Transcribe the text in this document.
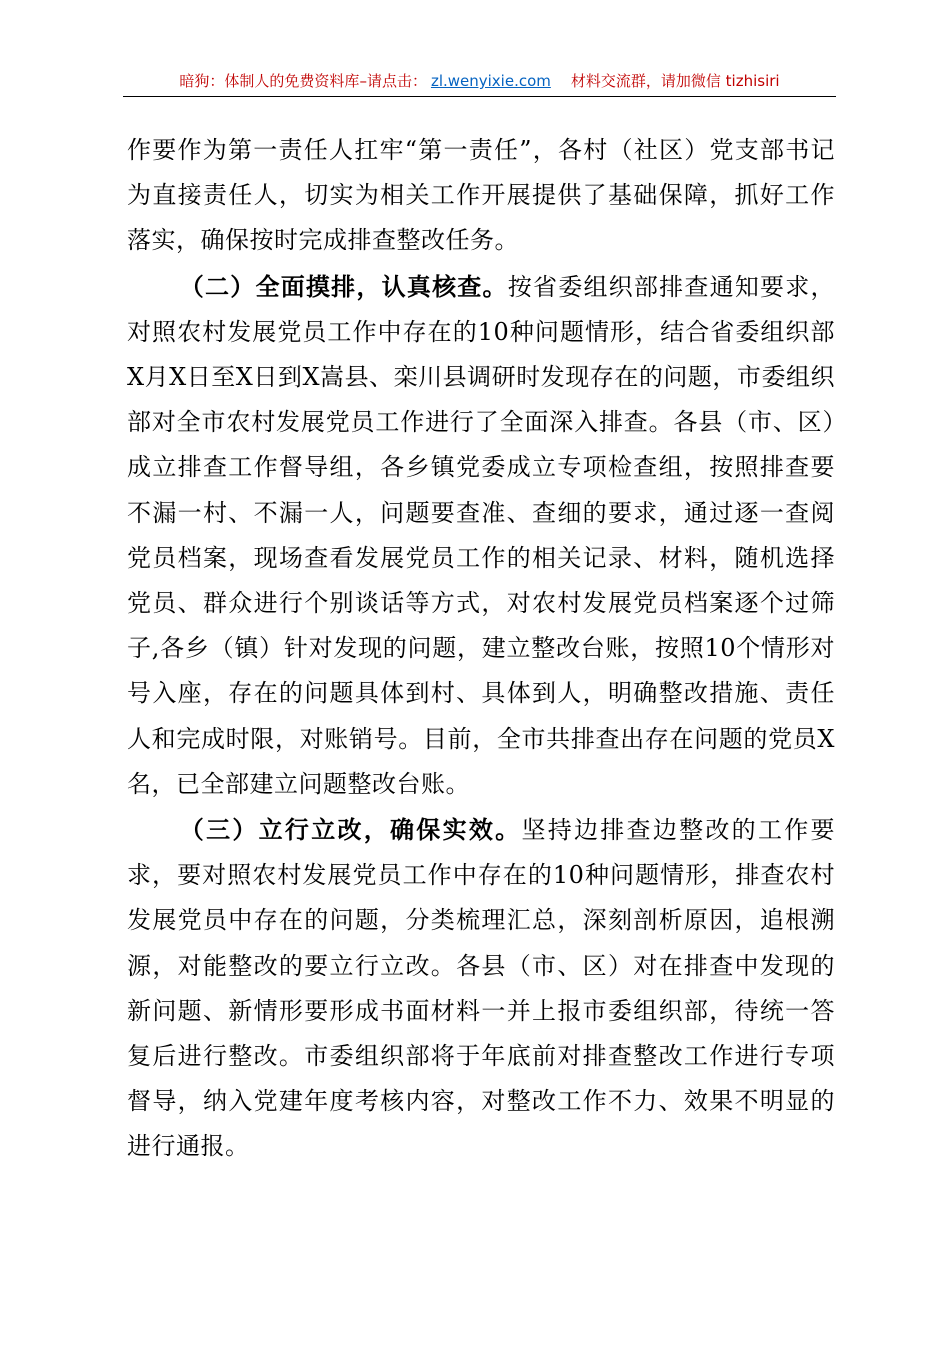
暗狗：体制人的免费资料库–请点击： zl.wenyixie.com 材料交流群，请加微信 tizhisiri

作要作为第一责任人扛牢“第一责任”，各村（社区）党支部书记为直接责任人，切实为相关工作开展提供了基础保障，抓好工作落实，确保按时完成排查整改任务。

（二）全面摸排，认真核查。按省委组织部排查通知要求，对照农村发展党员工作中存在的10种问题情形，结合省委组织部X月X日至X日到X嵩县、栾川县调研时发现存在的问题，市委组织部对全市农村发展党员工作进行了全面深入排查。各县（市、区）成立排查工作督导组，各乡镇党委成立专项检查组，按照排查要不漏一村、不漏一人，问题要查准、查细的要求，通过逐一查阅党员档案，现场查看发展党员工作的相关记录、材料，随机选择党员、群众进行个别谈话等方式，对农村发展党员档案逐个过筛子,各乡（镇）针对发现的问题，建立整改台账，按照10个情形对号入座，存在的问题具体到村、具体到人，明确整改措施、责任人和完成时限，对账销号。目前，全市共排查出存在问题的党员X名，已全部建立问题整改台账。

（三）立行立改，确保实效。坚持边排查边整改的工作要求，要对照农村发展党员工作中存在的10种问题情形，排查农村发展党员中存在的问题，分类梳理汇总，深刻剖析原因，追根溯源，对能整改的要立行立改。各县（市、区）对在排查中发现的新问题、新情形要形成书面材料一并上报市委组织部，待统一答复后进行整改。市委组织部将于年底前对排查整改工作进行专项督导，纳入党建年度考核内容，对整改工作不力、效果不明显的进行通报。
